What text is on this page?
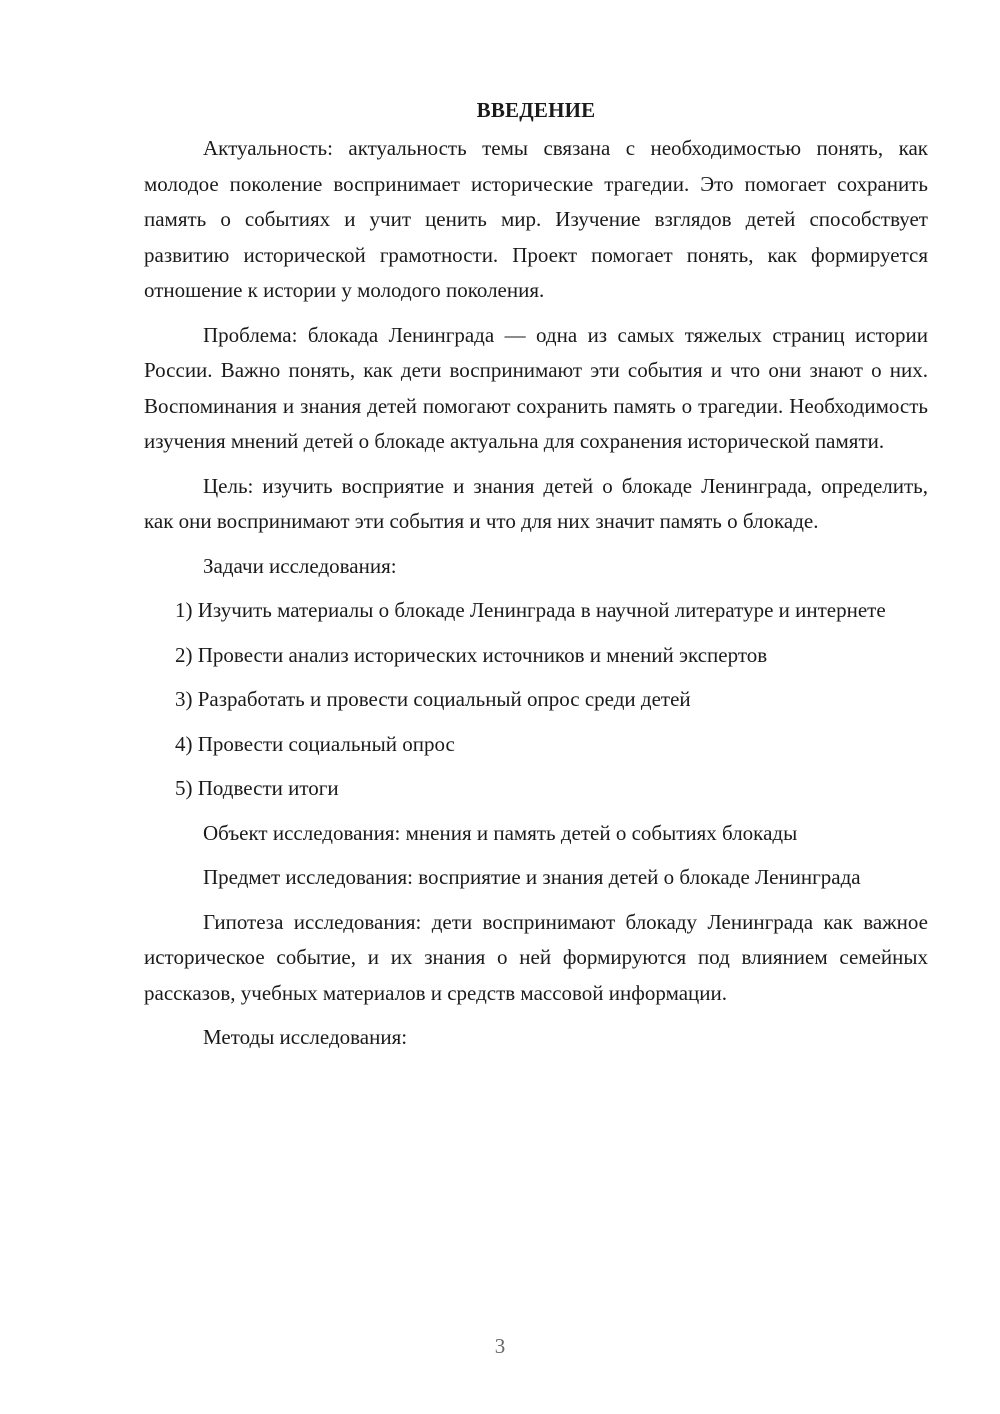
ВВЕДЕНИЕ

Актуальность: актуальность темы связана с необходимостью понять, как молодое поколение воспринимает исторические трагедии. Это помогает сохранить память о событиях и учит ценить мир. Изучение взглядов детей способствует развитию исторической грамотности. Проект помогает понять, как формируется отношение к истории у молодого поколения.

Проблема: блокада Ленинграда — одна из самых тяжелых страниц истории России. Важно понять, как дети воспринимают эти события и что они знают о них. Воспоминания и знания детей помогают сохранить память о трагедии. Необходимость изучения мнений детей о блокаде актуальна для сохранения исторической памяти.

Цель: изучить восприятие и знания детей о блокаде Ленинграда, определить, как они воспринимают эти события и что для них значит память о блокаде.

Задачи исследования:

1) Изучить материалы о блокаде Ленинграда в научной литературе и интернете

2) Провести анализ исторических источников и мнений экспертов

3) Разработать и провести социальный опрос среди детей

4) Провести социальный опрос

5) Подвести итоги

Объект исследования: мнения и память детей о событиях блокады

Предмет исследования: восприятие и знания детей о блокаде Ленинграда

Гипотеза исследования: дети воспринимают блокаду Ленинграда как важное историческое событие, и их знания о ней формируются под влиянием семейных рассказов, учебных материалов и средств массовой информации.

Методы исследования:

3
